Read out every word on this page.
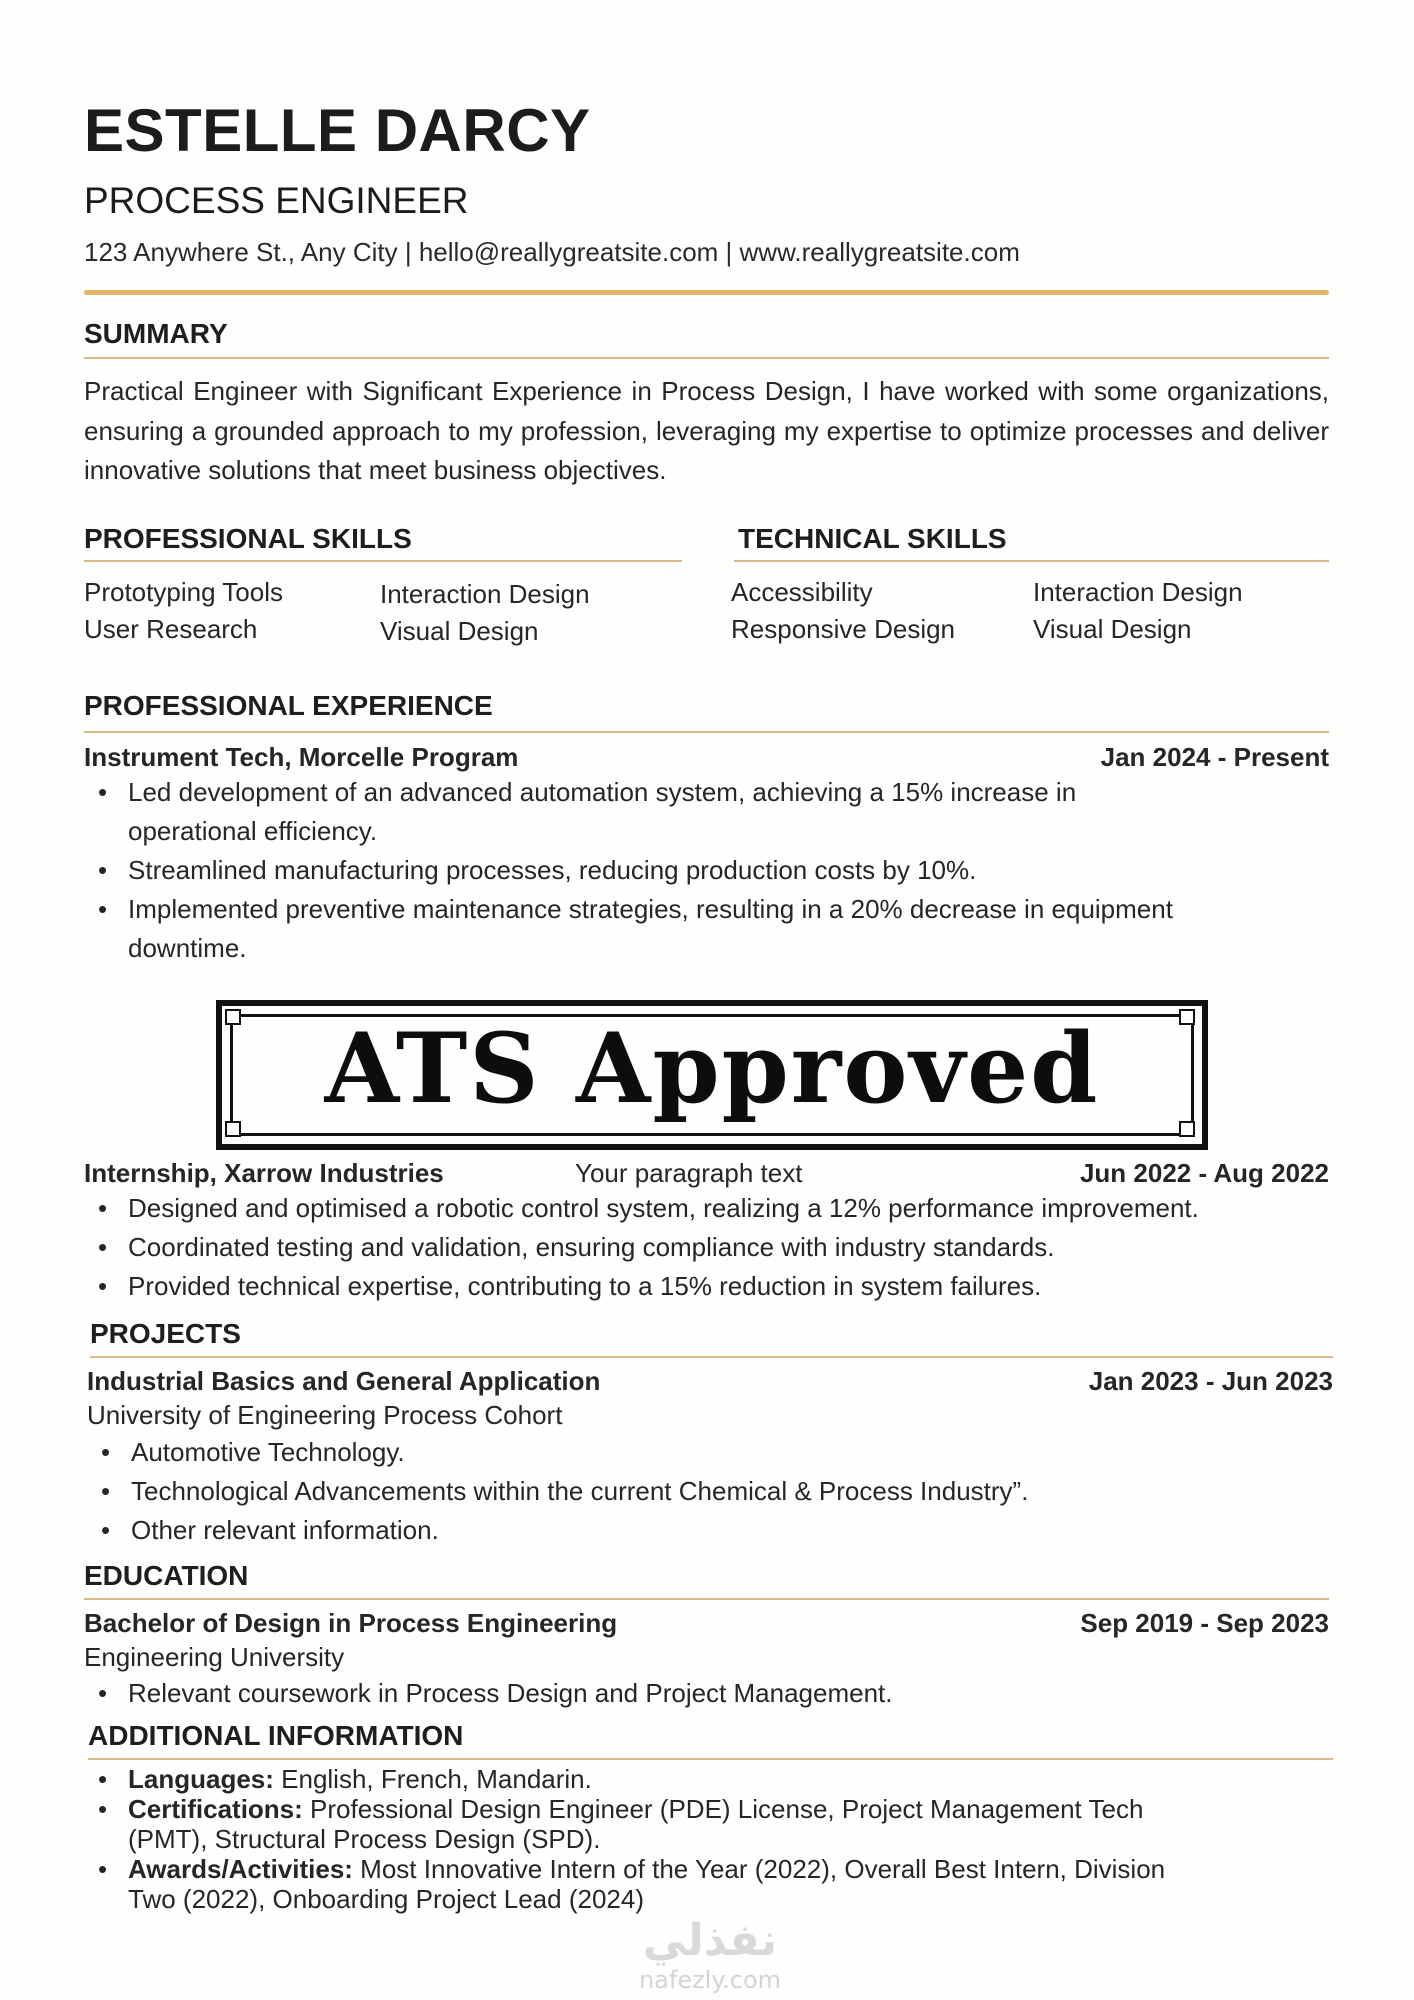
ESTELLE DARCY
PROCESS ENGINEER
123 Anywhere St., Any City | hello@reallygreatsite.com | www.reallygreatsite.com
SUMMARY
Practical Engineer with Significant Experience in Process Design, I have worked with some organizations, ensuring a grounded approach to my profession, leveraging my expertise to optimize processes and deliver innovative solutions that meet business objectives.
PROFESSIONAL SKILLS
Prototyping Tools	Interaction Design
User Research	Visual Design
TECHNICAL SKILLS
Accessibility	Interaction Design
Responsive Design	Visual Design
PROFESSIONAL EXPERIENCE
Instrument Tech, Morcelle Program	Jan 2024 - Present
• Led development of an advanced automation system, achieving a 15% increase in
operational efficiency.
• Streamlined manufacturing processes, reducing production costs by 10%.
• Implemented preventive maintenance strategies, resulting in a 20% decrease in equipment
downtime.
ATS Approved
Internship, Xarrow Industries	Your paragraph text	Jun 2022 - Aug 2022
• Designed and optimised a robotic control system, realizing a 12% performance improvement.
• Coordinated testing and validation, ensuring compliance with industry standards.
• Provided technical expertise, contributing to a 15% reduction in system failures.
PROJECTS
Industrial Basics and General Application	Jan 2023 - Jun 2023
University of Engineering Process Cohort
• Automotive Technology.
• Technological Advancements within the current Chemical & Process Industry”.
• Other relevant information.
EDUCATION
Bachelor of Design in Process Engineering	Sep 2019 - Sep 2023
Engineering University
• Relevant coursework in Process Design and Project Management.
ADDITIONAL INFORMATION
• Languages: English, French, Mandarin.
• Certifications: Professional Design Engineer (PDE) License, Project Management Tech
(PMT), Structural Process Design (SPD).
• Awards/Activities: Most Innovative Intern of the Year (2022), Overall Best Intern, Division
Two (2022), Onboarding Project Lead (2024)
نفذلي
nafezly.com
